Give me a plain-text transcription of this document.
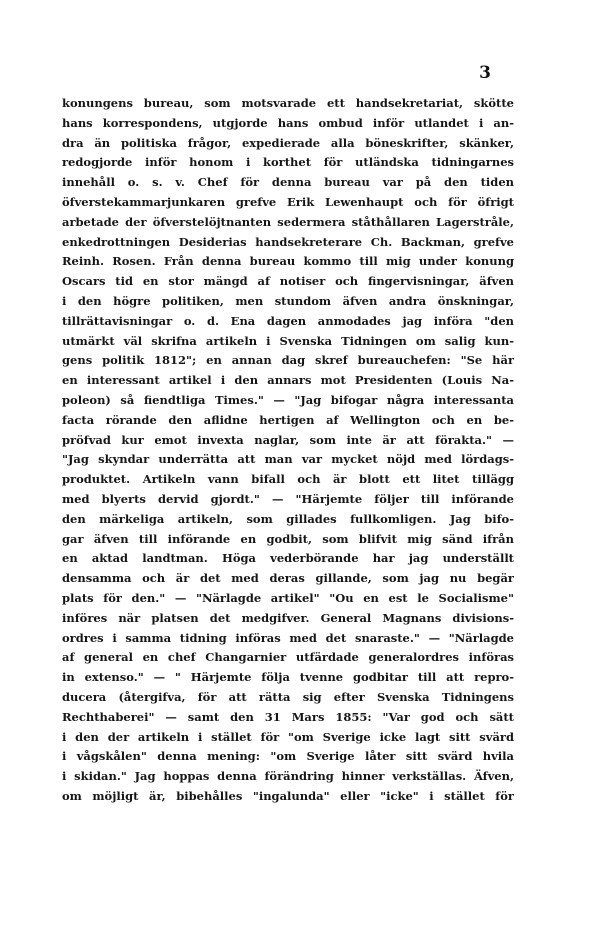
3
konungens bureau, som motsvarade ett handsekretariat, skötte
hans korrespondens, utgjorde hans ombud inför utlandet i an-
dra än politiska frågor, expedierade alla böneskrifter, skänker,
redogjorde inför honom i korthet för utländska tidningarnes
innehåll o. s. v. Chef för denna bureau var på den tiden
öfverstekammarjunkaren grefve Erik Lewenhaupt och för öfrigt
arbetade der öfverstelöjtnanten sedermera ståthållaren Lagerstråle,
enkedrottningen Desiderias handsekreterare Ch. Backman, grefve
Reinh. Rosen. Från denna bureau kommo till mig under konung
Oscars tid en stor mängd af notiser och fingervisningar, äfven
i den högre politiken, men stundom äfven andra önskningar,
tillrättavisningar o. d. Ena dagen anmodades jag införa "den
utmärkt väl skrifna artikeln i Svenska Tidningen om salig kun-
gens politik 1812"; en annan dag skref bureauchefen: "Se här
en interessant artikel i den annars mot Presidenten (Louis Na-
poleon) så fiendtliga Times." — "Jag bifogar några interessanta
facta rörande den aflidne hertigen af Wellington och en be-
pröfvad kur emot invexta naglar, som inte är att förakta." —
"Jag skyndar underrätta att man var mycket nöjd med lördags-
produktet. Artikeln vann bifall och är blott ett litet tillägg
med blyerts dervid gjordt." — "Härjemte följer till införande
den märkeliga artikeln, som gillades fullkomligen. Jag bifo-
gar äfven till införande en godbit, som blifvit mig sänd ifrån
en aktad landtman. Höga vederbörande har jag underställt
densamma och är det med deras gillande, som jag nu begär
plats för den." — "Närlagde artikel" "Ou en est le Socialisme"
införes när platsen det medgifver. General Magnans divisions-
ordres i samma tidning införas med det snaraste." — "Närlagde
af general en chef Changarnier utfärdade generalordres införas
in extenso." — " Härjemte följa tvenne godbitar till att repro-
ducera (återgifva, för att rätta sig efter Svenska Tidningens
Rechthaberei" — samt den 31 Mars 1855: "Var god och sätt
i den der artikeln i stället för "om Sverige icke lagt sitt svärd
i vågskålen" denna mening: "om Sverige låter sitt svärd hvila
i skidan." Jag hoppas denna förändring hinner verkställas. Äfven,
om möjligt är, bibehålles "ingalunda" eller "icke" i stället för
